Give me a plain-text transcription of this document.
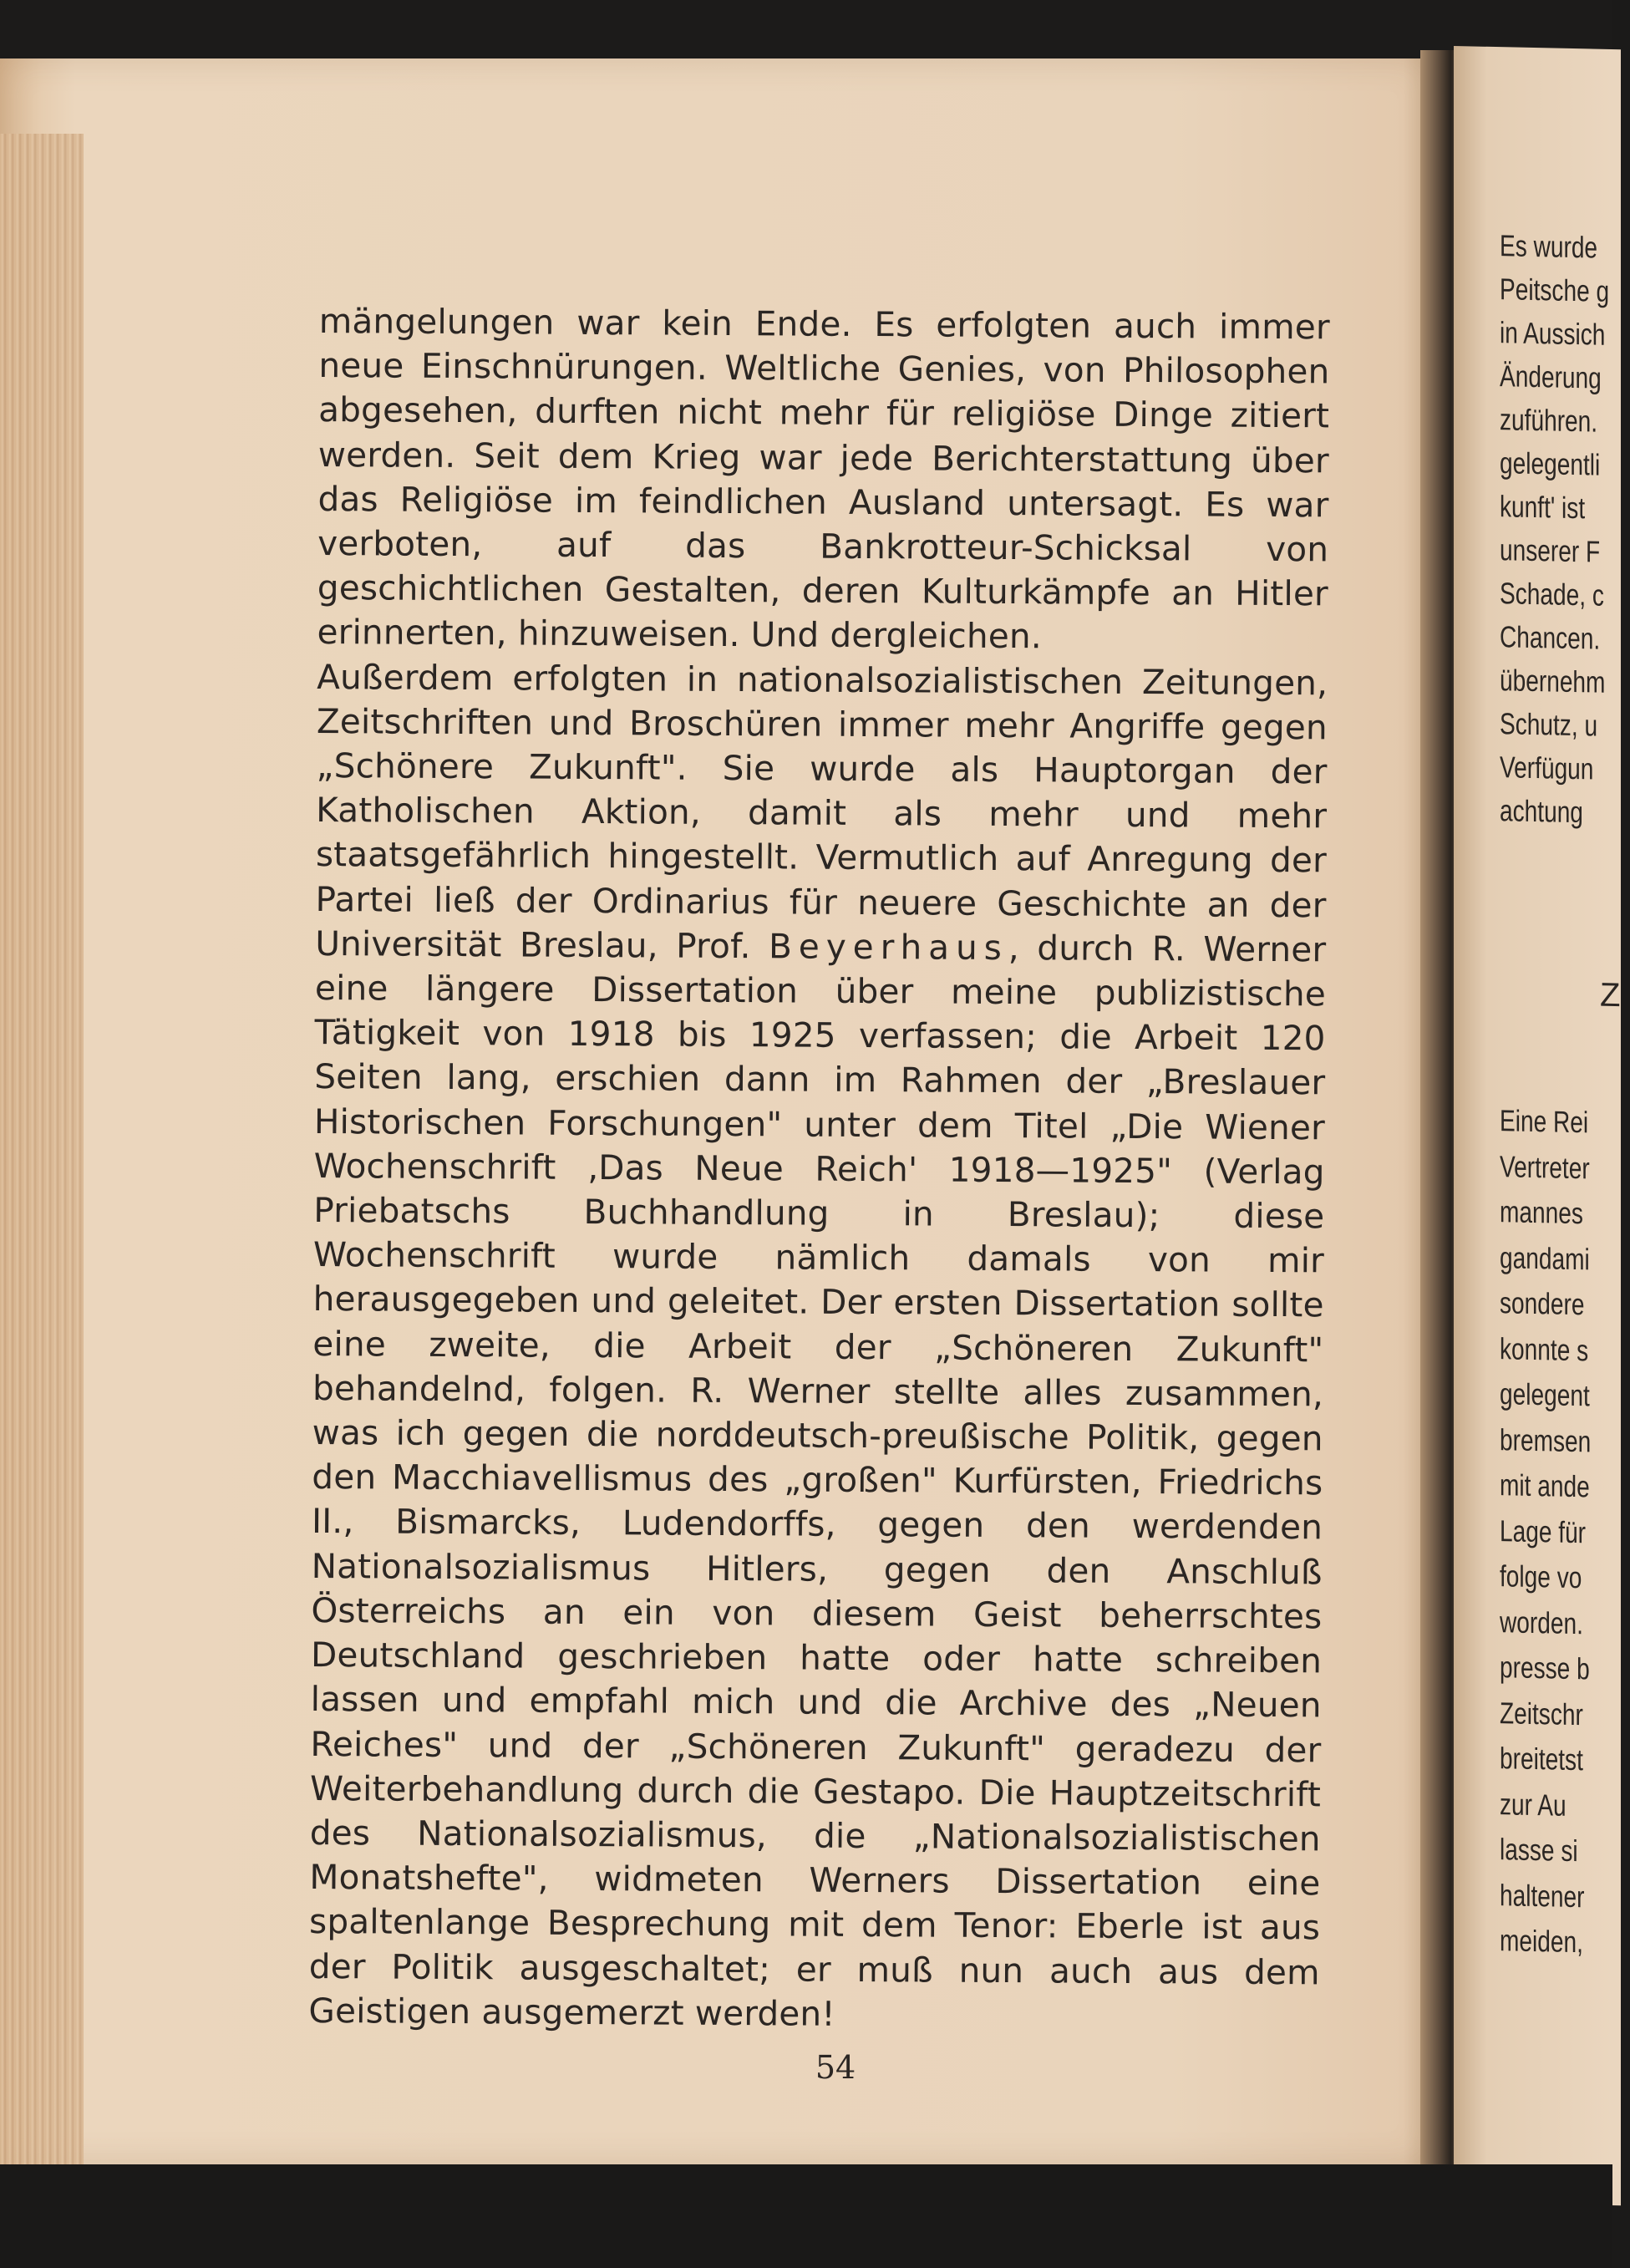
mängelungen war kein Ende. Es erfolgten auch immer neue Einschnürungen. Weltliche Genies, von Philosophen abgesehen, durften nicht mehr für religiöse Dinge zitiert werden. Seit dem Krieg war jede Berichterstattung über das Religiöse im feindlichen Ausland untersagt. Es war verboten, auf das Bankrotteur-Schicksal von geschichtlichen Gestalten, deren Kulturkämpfe an Hitler erinnerten, hinzuweisen. Und dergleichen.

Außerdem erfolgten in nationalsozialistischen Zeitungen, Zeitschriften und Broschüren immer mehr Angriffe gegen „Schönere Zukunft". Sie wurde als Hauptorgan der Katholischen Aktion, damit als mehr und mehr staatsgefährlich hingestellt. Vermutlich auf Anregung der Partei ließ der Ordinarius für neuere Geschichte an der Universität Breslau, Prof. Beyerhaus, durch R. Werner eine längere Dissertation über meine publizistische Tätigkeit von 1918 bis 1925 verfassen; die Arbeit 120 Seiten lang, erschien dann im Rahmen der „Breslauer Historischen Forschungen" unter dem Titel „Die Wiener Wochenschrift ‚Das Neue Reich' 1918—1925" (Verlag Priebatschs Buchhandlung in Breslau); diese Wochenschrift wurde nämlich damals von mir herausgegeben und geleitet. Der ersten Dissertation sollte eine zweite, die Arbeit der „Schöneren Zukunft" behandelnd, folgen. R. Werner stellte alles zusammen, was ich gegen die norddeutsch-preußische Politik, gegen den Macchiavellismus des „großen" Kurfürsten, Friedrichs II., Bismarcks, Ludendorffs, gegen den werdenden Nationalsozialismus Hitlers, gegen den Anschluß Österreichs an ein von diesem Geist beherrschtes Deutschland geschrieben hatte oder hatte schreiben lassen und empfahl mich und die Archive des „Neuen Reiches" und der „Schöneren Zukunft" geradezu der Weiterbehandlung durch die Gestapo. Die Hauptzeitschrift des Nationalsozialismus, die „Nationalsozialistischen Monatshefte", widmeten Werners Dissertation eine spaltenlange Besprechung mit dem Tenor: Eberle ist aus der Politik ausgeschaltet; er muß nun auch aus dem Geistigen ausgemerzt werden!

54
Es wurde
Peitsche g
in Aussich
Änderung
zuführen.
gelegentli
kunft' ist
unserer F
Schade, c
Chancen.
übernehm
Schutz, u
Verfügun
achtung
Z
Eine Rei
Vertreter
mannes
gandami
sondere
konnte s
gelegent
bremsen
mit ande
Lage für
folge vo
worden.
presse b
Zeitschr
breitetst
zur Au
lasse si
haltener
meiden,
